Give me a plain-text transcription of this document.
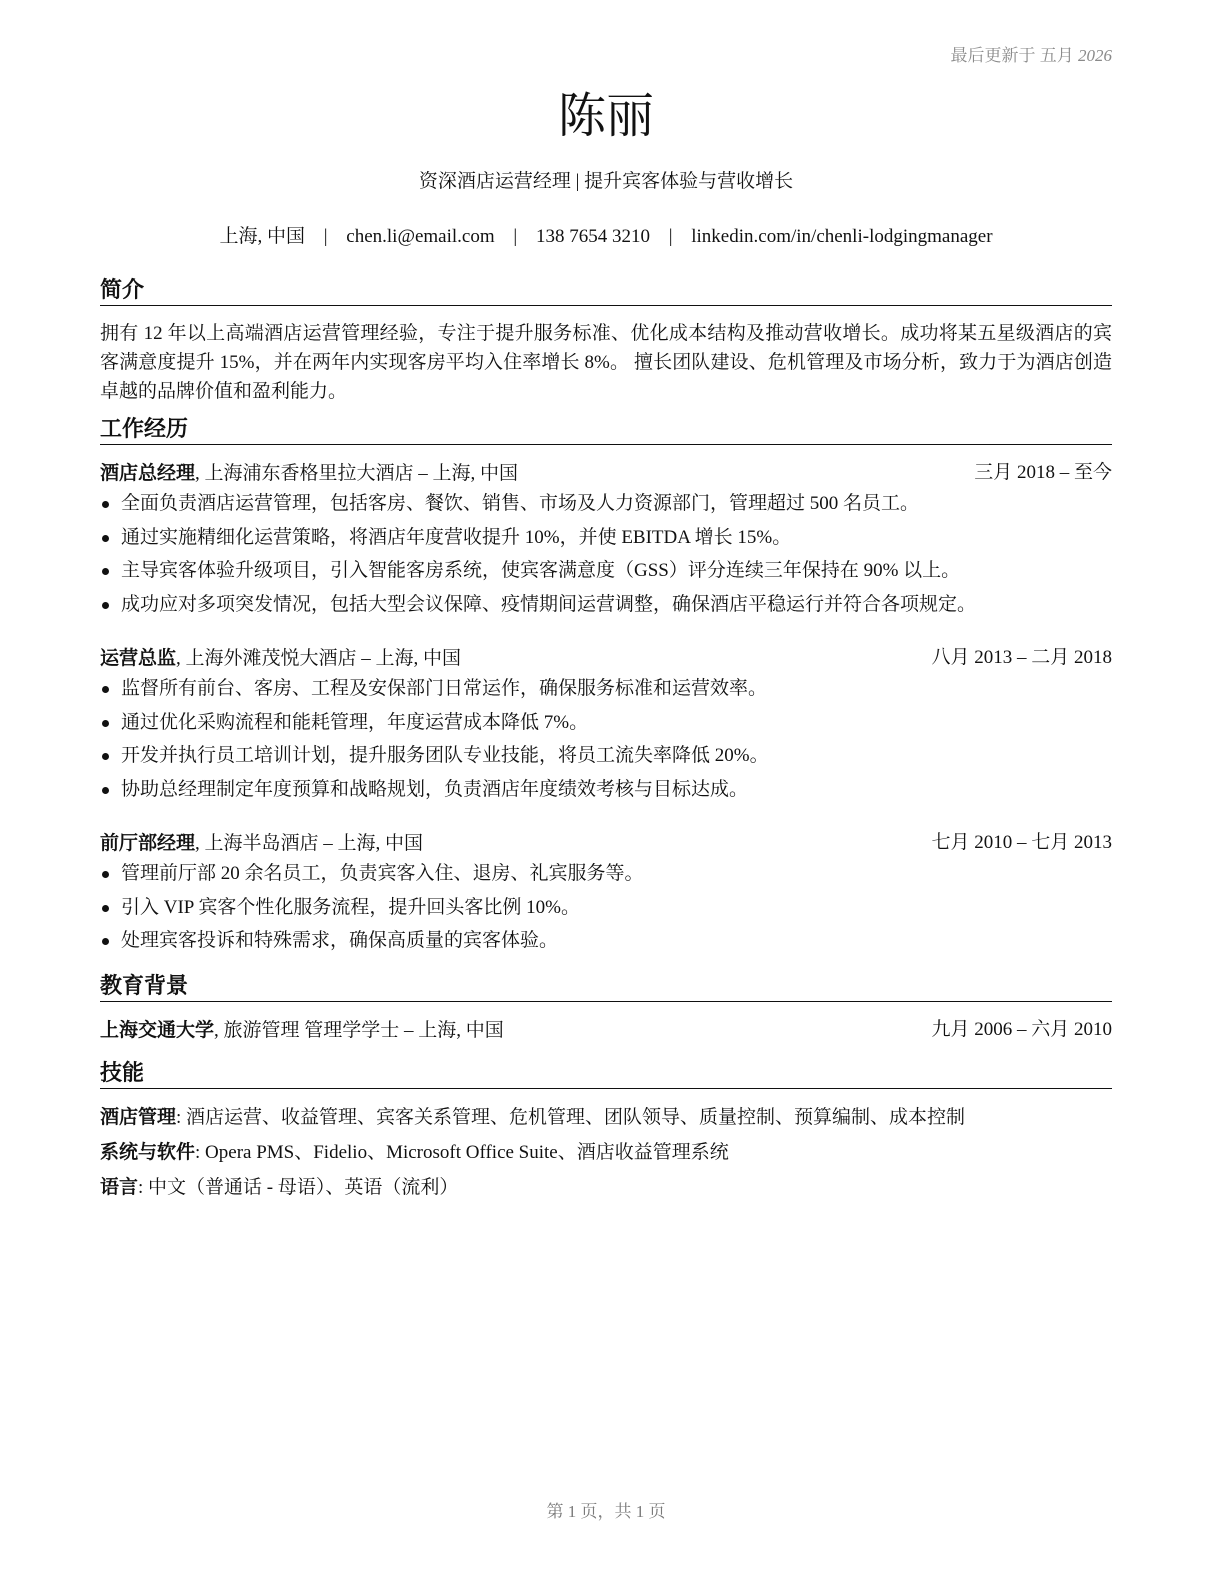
最后更新于 五月 2026
陈丽
资深酒店运营经理 | 提升宾客体验与营收增长
上海, 中国 | chen.li@email.com | 138 7654 3210 | linkedin.com/in/chenli-lodgingmanager
简介
拥有 12 年以上高端酒店运营管理经验，专注于提升服务标准、优化成本结构及推动营收增长。成功将某五星级酒店的宾客满意度提升 15%，并在两年内实现客房平均入住率增长 8%。 擅长团队建设、危机管理及市场分析，致力于为酒店创造卓越的品牌价值和盈利能力。
工作经历
酒店总经理, 上海浦东香格里拉大酒店 – 上海, 中国	三月 2018 – 至今
全面负责酒店运营管理，包括客房、餐饮、销售、市场及人力资源部门，管理超过 500 名员工。
通过实施精细化运营策略，将酒店年度营收提升 10%，并使 EBITDA 增长 15%。
主导宾客体验升级项目，引入智能客房系统，使宾客满意度（GSS）评分连续三年保持在 90% 以上。
成功应对多项突发情况，包括大型会议保障、疫情期间运营调整，确保酒店平稳运行并符合各项规定。
运营总监, 上海外滩茂悦大酒店 – 上海, 中国	八月 2013 – 二月 2018
监督所有前台、客房、工程及安保部门日常运作，确保服务标准和运营效率。
通过优化采购流程和能耗管理，年度运营成本降低 7%。
开发并执行员工培训计划，提升服务团队专业技能，将员工流失率降低 20%。
协助总经理制定年度预算和战略规划，负责酒店年度绩效考核与目标达成。
前厅部经理, 上海半岛酒店 – 上海, 中国	七月 2010 – 七月 2013
管理前厅部 20 余名员工，负责宾客入住、退房、礼宾服务等。
引入 VIP 宾客个性化服务流程，提升回头客比例 10%。
处理宾客投诉和特殊需求，确保高质量的宾客体验。
教育背景
上海交通大学, 旅游管理 管理学学士 – 上海, 中国	九月 2006 – 六月 2010
技能
酒店管理: 酒店运营、收益管理、宾客关系管理、危机管理、团队领导、质量控制、预算编制、成本控制
系统与软件: Opera PMS、Fidelio、Microsoft Office Suite、酒店收益管理系统
语言: 中文（普通话 - 母语）、英语（流利）
第 1 页，共 1 页
